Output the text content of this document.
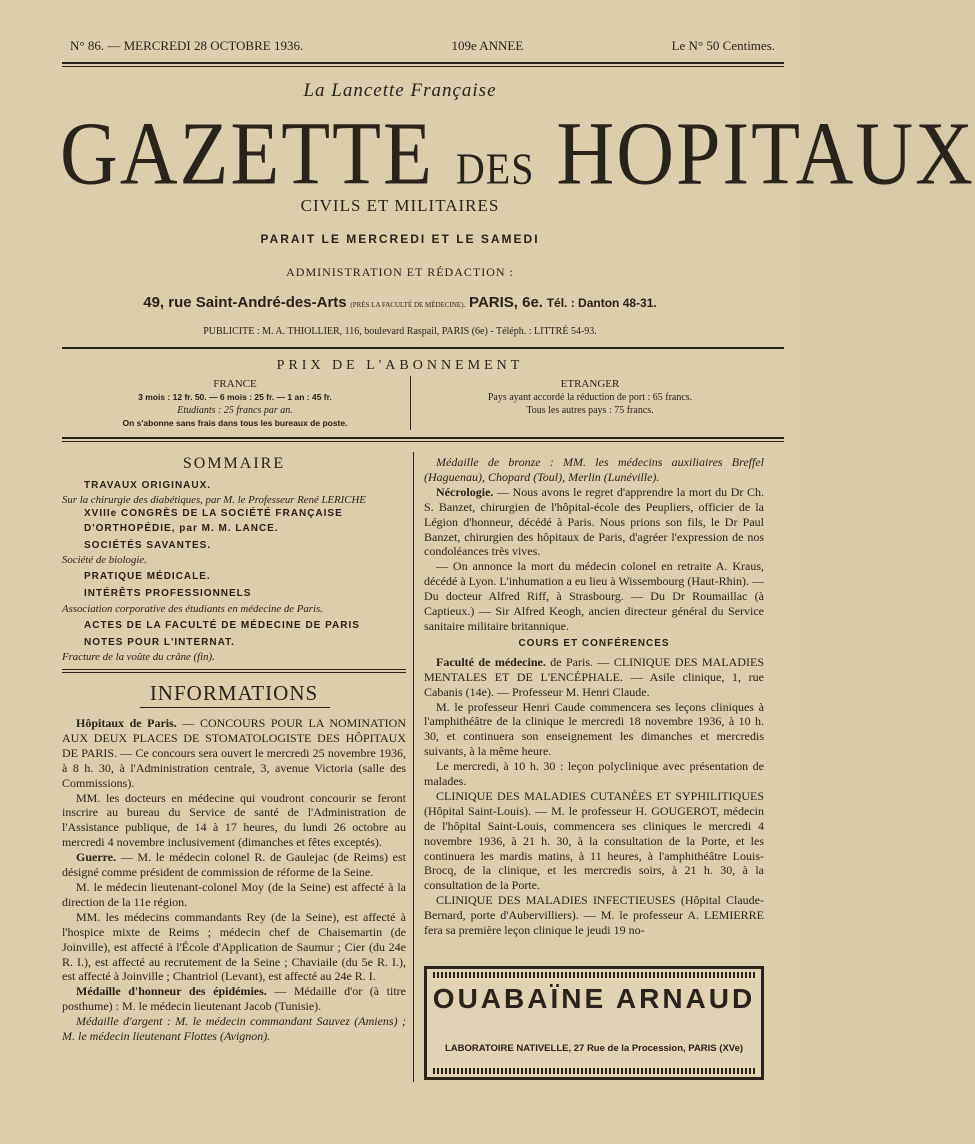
N° 86. — MERCREDI 28 OCTOBRE 1936.	109e ANNEE	Le N° 50 Centimes.
La Lancette Française
GAZETTE DES HOPITAUX
CIVILS ET MILITAIRES
PARAIT LE MERCREDI ET LE SAMEDI
ADMINISTRATION ET RÉDACTION :
49, rue Saint-André-des-Arts (PRÈS LA FACULTÉ DE MÉDECINE). PARIS, 6e. Tél. : Danton 48-31.
PUBLICITE : M. A. THIOLLIER, 116, boulevard Raspail, PARIS (6e) - Téléph. : LITTRÉ 54-93.
PRIX DE L'ABONNEMENT
FRANCE
3 mois : 12 fr. 50. — 6 mois : 25 fr. — 1 an : 45 fr.
Etudiants : 25 francs par an.
On s'abonne sans frais dans tous les bureaux de poste.
ETRANGER
Pays ayant accordé la réduction de port : 65 francs.
Tous les autres pays : 75 francs.
SOMMAIRE
TRAVAUX ORIGINAUX.
Sur la chirurgie des diabétiques, par M. le Professeur René LERICHE
XVIIIe CONGRÈS DE LA SOCIÉTÉ FRANÇAISE D'ORTHOPÉDIE, par M. M. LANCE.
SOCIÉTÉS SAVANTES.
Société de biologie.
PRATIQUE MÉDICALE.
INTÉRÊTS PROFESSIONNELS
Association corporative des étudiants en médecine de Paris.
ACTES DE LA FACULTÉ DE MÉDECINE DE PARIS
NOTES POUR L'INTERNAT.
Fracture de la voûte du crâne (fin).
INFORMATIONS

Hôpitaux de Paris. — CONCOURS POUR LA NOMINATION AUX DEUX PLACES DE STOMATOLOGISTE DES HÔPITAUX DE PARIS. — Ce concours sera ouvert le mercredi 25 novembre 1936, à 8 h. 30, à l'Administration centrale, 3, avenue Victoria (salle des Commissions).

MM. les docteurs en médecine qui voudront concourir se feront inscrire au bureau du Service de santé de l'Administration de l'Assistance publique, de 14 à 17 heures, du lundi 26 octobre au mercredi 4 novembre inclusivement (dimanches et fêtes exceptés).

Guerre. — M. le médecin colonel R. de Gaulejac (de Reims) est désigné comme président de commission de réforme de la Seine.

M. le médecin lieutenant-colonel Moy (de la Seine) est affecté à la direction de la 11e région.

MM. les médecins commandants Rey (de la Seine), est affecté à l'hospice mixte de Reims ; médecin chef de Chaisemartin (de Joinville), est affecté à l'École d'Application de Saumur ; Cier (du 24e R. I.), est affecté au recrutement de la Seine ; Chaviaile (du 5e R. I.), est affecté à Joinville ; Chantriol (Levant), est affecté au 24e R. I.

Médaille d'honneur des épidémies. — Médaille d'or (à titre posthume) : M. le médecin lieutenant Jacob (Tunisie).

Médaille d'argent : M. le médecin commandant Sauvez (Amiens) ; M. le médecin lieutenant Flottes (Avignon).

Médaille de bronze : MM. les médecins auxiliaires Breffel (Haguenau), Chopard (Toul), Merlin (Lunéville).

Nécrologie. — Nous avons le regret d'apprendre la mort du Dr Ch. S. Banzet, chirurgien de l'hôpital-école des Peupliers, officier de la Légion d'honneur, décédé à Paris. Nous prions son fils, le Dr Paul Banzet, chirurgien des hôpitaux de Paris, d'agréer l'expression de nos condoléances très vives.

— On annonce la mort du médecin colonel en retraite A. Kraus, décédé à Lyon. L'inhumation a eu lieu à Wissembourg (Haut-Rhin). — Du docteur Alfred Riff, à Strasbourg. — Du Dr Roumaillac (à Captieux.) — Sir Alfred Keogh, ancien directeur général du Service sanitaire militaire britannique.

COURS ET CONFÉRENCES

Faculté de médecine. de Paris. — CLINIQUE DES MALADIES MENTALES ET DE L'ENCÉPHALE. — Asile clinique, 1, rue Cabanis (14e). — Professeur M. Henri Claude.

M. le professeur Henri Caude commencera ses leçons cliniques à l'amphithéâtre de la clinique le mercredi 18 novembre 1936, à 10 h. 30, et continuera son enseignement les dimanches et mercredis suivants, à la même heure.

Le mercredi, à 10 h. 30 : leçon polyclinique avec présentation de malades.

CLINIQUE DES MALADIES CUTANÉES ET SYPHILITIQUES (Hôpital Saint-Louis). — M. le professeur H. GOUGEROT, médecin de l'hôpital Saint-Louis, commencera ses cliniques le mercredi 4 novembre 1936, à 21 h. 30, à la consultation de la Porte, et les continuera les mardis matins, à 11 heures, à l'amphithéâtre Louis-Brocq, de la clinique, et les mercredis soirs, à 21 h. 30, à la consultation de la Porte.

CLINIQUE DES MALADIES INFECTIEUSES (Hôpital Claude-Bernard, porte d'Aubervilliers). — M. le professeur A. LEMIERRE fera sa première leçon clinique le jeudi 19 no-

OUABAÏNE ARNAUD
LABORATOIRE NATIVELLE, 27 Rue de la Procession, PARIS (XVe)
